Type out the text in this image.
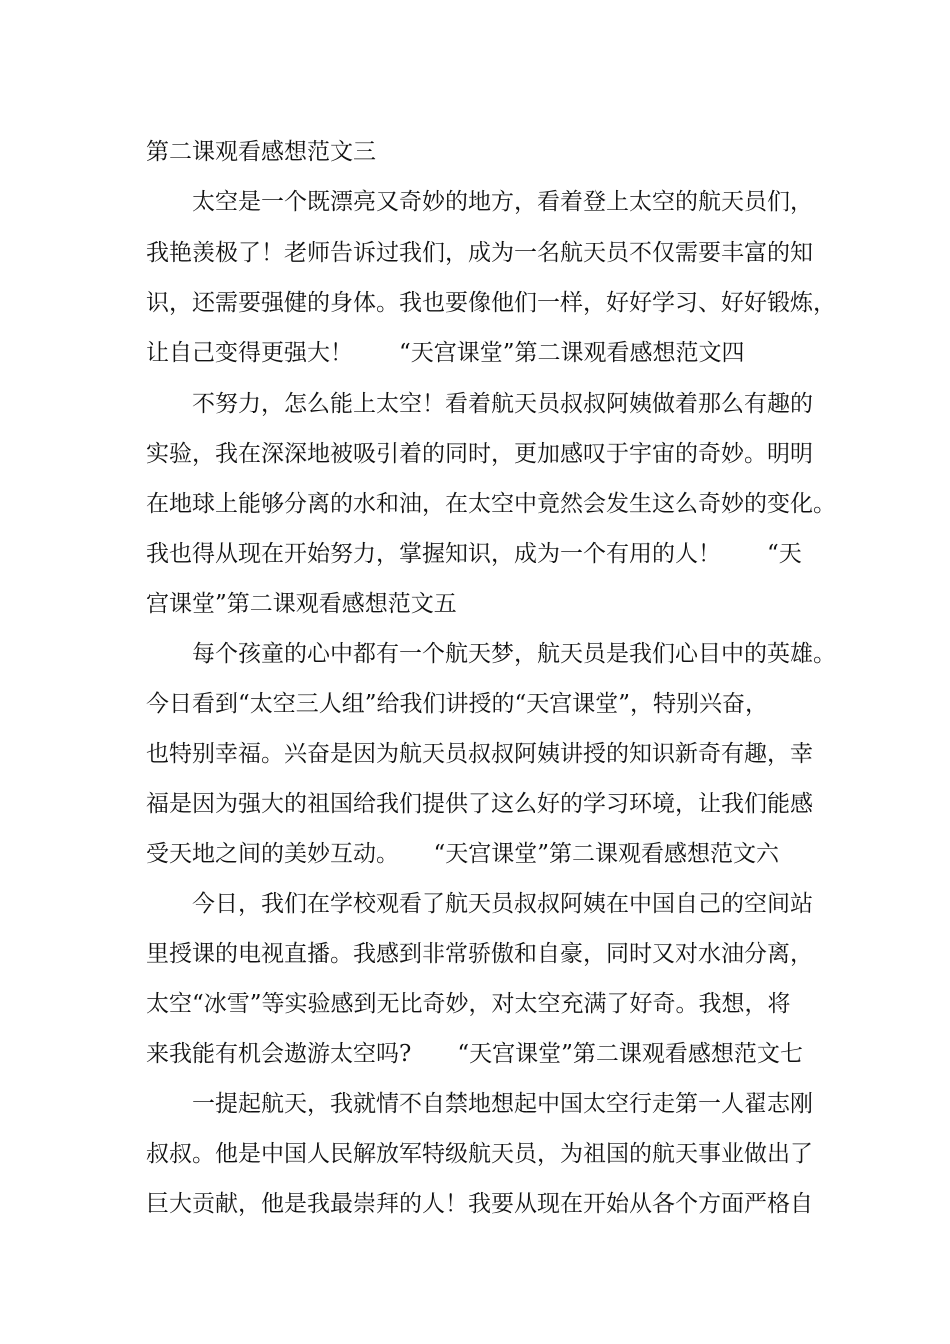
第二课观看感想范文三
　　太空是一个既漂亮又奇妙的地方，看着登上太空的航天员们，
我艳羡极了！老师告诉过我们，成为一名航天员不仅需要丰富的知
识，还需要强健的身体。我也要像他们一样，好好学习、好好锻炼，
让自己变得更强大！　　“天宫课堂”第二课观看感想范文四
　　不努力，怎么能上太空！看着航天员叔叔阿姨做着那么有趣的
实验，我在深深地被吸引着的同时，更加感叹于宇宙的奇妙。明明
在地球上能够分离的水和油，在太空中竟然会发生这么奇妙的变化。
我也得从现在开始努力，掌握知识，成为一个有用的人！　　“天
宫课堂”第二课观看感想范文五
　　每个孩童的心中都有一个航天梦，航天员是我们心目中的英雄。
今日看到“太空三人组”给我们讲授的“天宫课堂”，特别兴奋，
也特别幸福。兴奋是因为航天员叔叔阿姨讲授的知识新奇有趣，幸
福是因为强大的祖国给我们提供了这么好的学习环境，让我们能感
受天地之间的美妙互动。　　“天宫课堂”第二课观看感想范文六
　　今日，我们在学校观看了航天员叔叔阿姨在中国自己的空间站
里授课的电视直播。我感到非常骄傲和自豪，同时又对水油分离，
太空“冰雪”等实验感到无比奇妙，对太空充满了好奇。我想，将
来我能有机会遨游太空吗?　　“天宫课堂”第二课观看感想范文七
　　一提起航天，我就情不自禁地想起中国太空行走第一人翟志刚
叔叔。他是中国人民解放军特级航天员，为祖国的航天事业做出了
巨大贡献，他是我最崇拜的人！我要从现在开始从各个方面严格自
